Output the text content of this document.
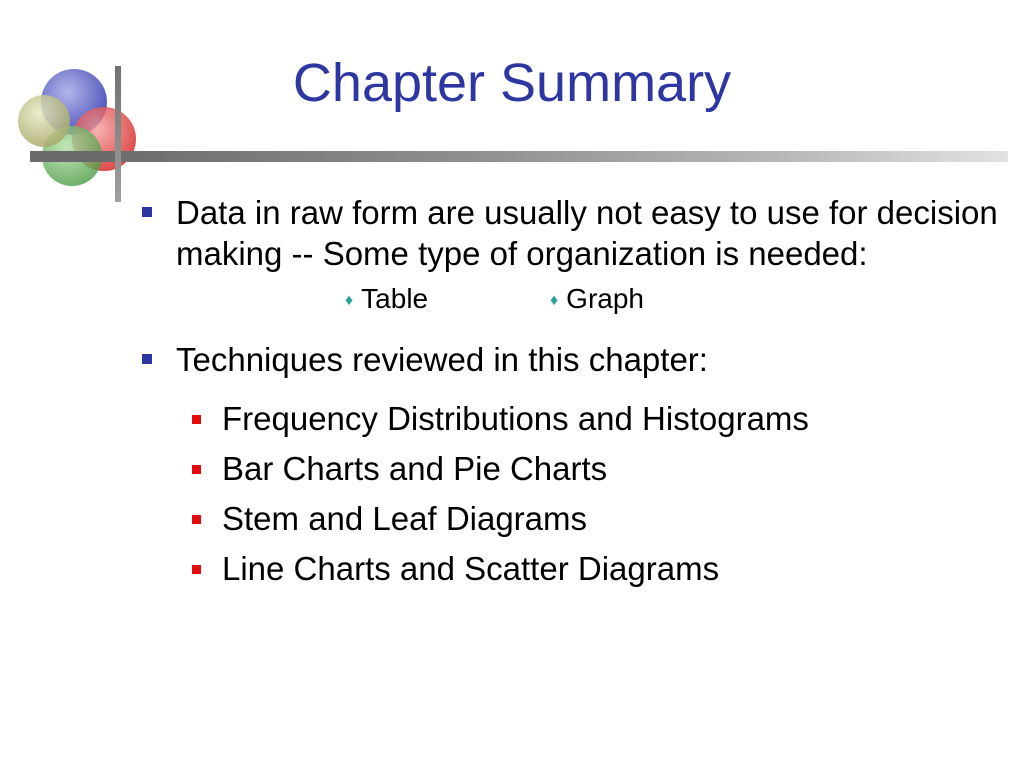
Chapter Summary
Data in raw form are usually not easy to use for decision making -- Some type of organization is needed:
♦ Table	♦ Graph
Techniques reviewed in this chapter:
Frequency Distributions and Histograms
Bar Charts and Pie Charts
Stem and Leaf Diagrams
Line Charts and Scatter Diagrams
